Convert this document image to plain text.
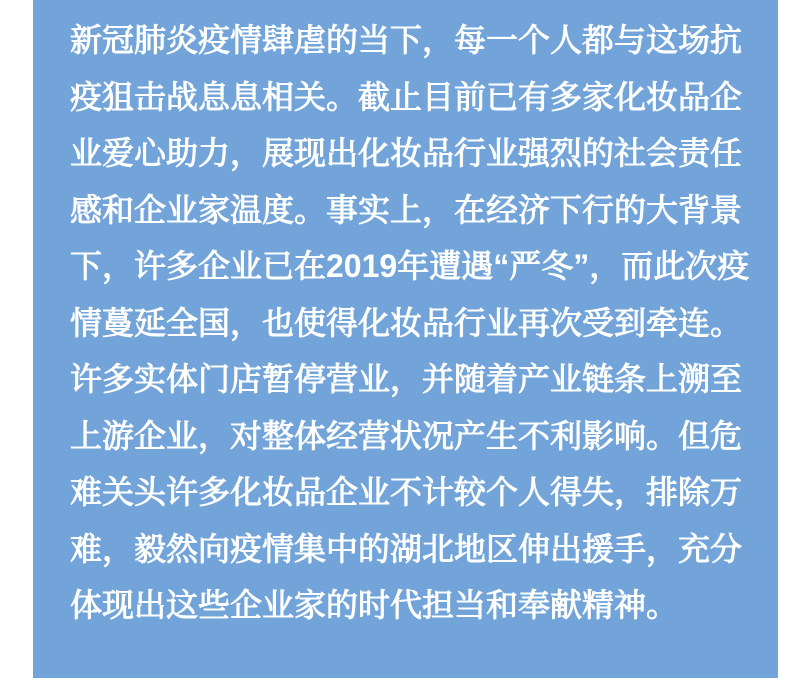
新冠肺炎疫情肆虐的当下，每一个人都与这场抗
疫狙击战息息相关。截止目前已有多家化妆品企
业爱心助力，展现出化妆品行业强烈的社会责任
感和企业家温度。事实上，在经济下行的大背景
下，许多企业已在2019年遭遇“严冬”，而此次疫
情蔓延全国，也使得化妆品行业再次受到牵连。
许多实体门店暂停营业，并随着产业链条上溯至
上游企业，对整体经营状况产生不利影响。但危
难关头许多化妆品企业不计较个人得失，排除万
难，毅然向疫情集中的湖北地区伸出援手，充分
体现出这些企业家的时代担当和奉献精神。
